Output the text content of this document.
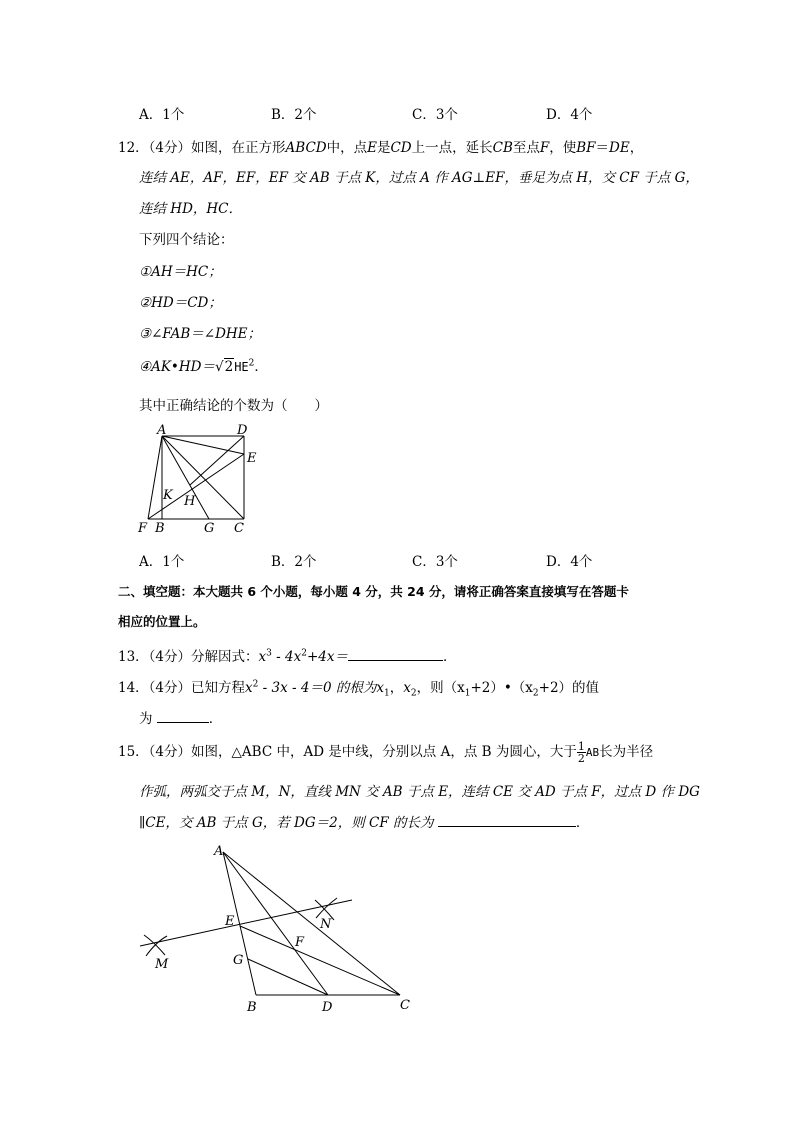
A．1个	B．2个	C．3个	D．4个
12．（4分）如图，在正方形ABCD中，点E是CD上一点，延长CB至点F，使BF＝DE，
连结 AE，AF，EF，EF 交 AB 于点 K，过点 A 作 AG⊥EF，垂足为点 H，交 CF 于点 G，
连结 HD，HC．
下列四个结论：
①AH＝HC；
②HD＝CD；
③∠FAB＝∠DHE；
$④AK•HD=√2HE^2$．
其中正确结论的个数为（　　）
A	D
E
K H
F B	G C
A．1个	B．2个	C．3个	D．4个
二、填空题：本大题共 6 个小题，每小题 4 分，共 24 分，请将正确答案直接填写在答题卡
相应的位置上。
13．（4分）分解因式：$x^3 - 4x^2+4x=$	．
14．（4分）已知方程$x^2 - 3x - 4=0$ 的根为$x_1$，$x_2$，则$(x_1+2)•(x_2+2)$的值
为	．
15．（4分）如图，△ABC 中，AD 是中线，分别以点 A，点 B 为圆心，大于 $\frac{1}{2}$ AB长为半径
作弧，两弧交于点 M，N，直线 MN 交 AB 于点 E，连结 CE 交 AD 于点 F，过点 D 作 DG
∥CE，交 AB 于点 G，若 DG＝2，则 CF 的长为	．
A
E	N
F
M	G
B	D	C
